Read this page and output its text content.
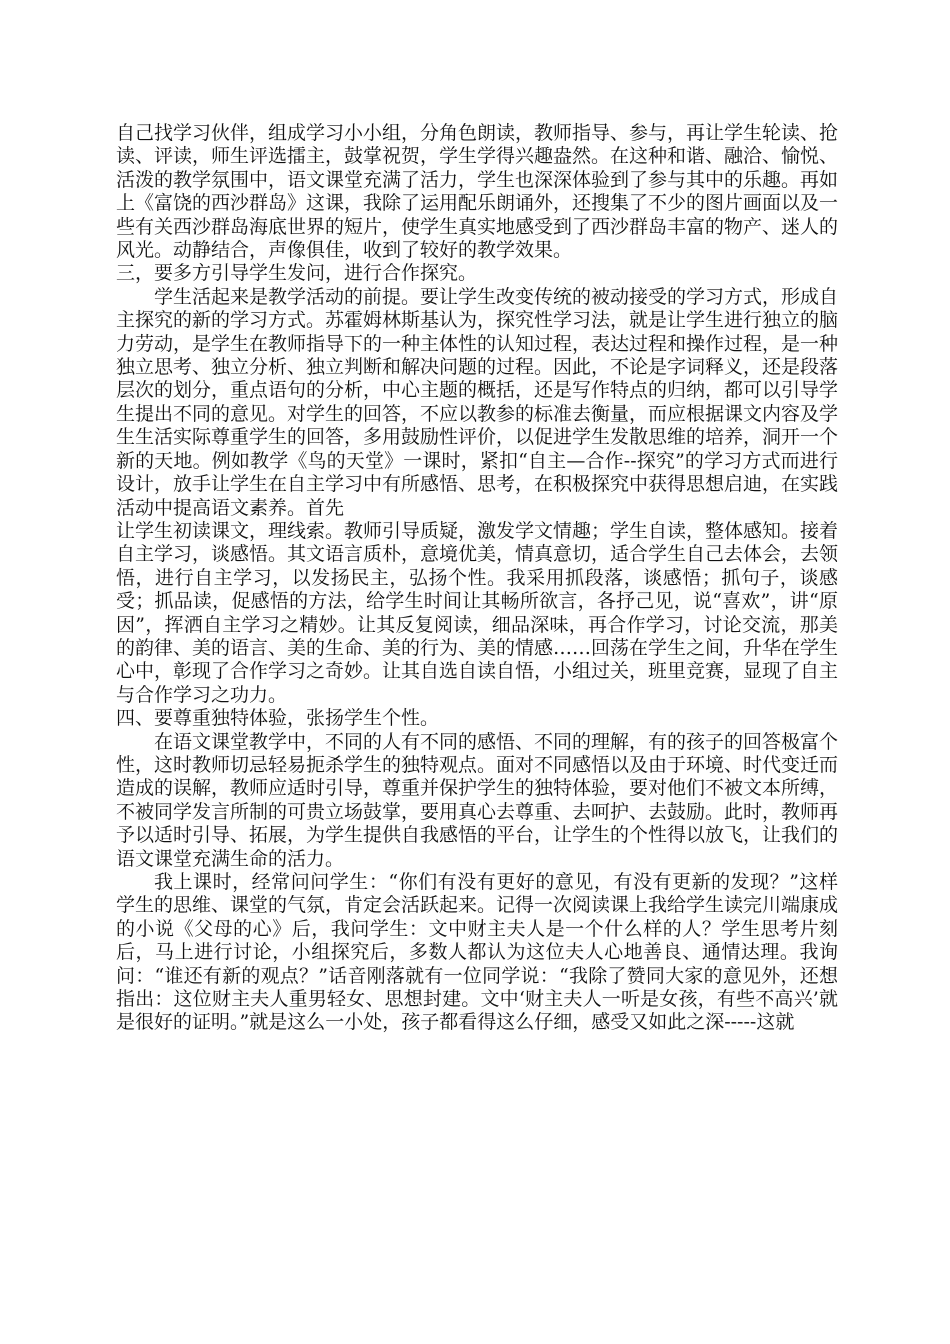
自己找学习伙伴，组成学习小小组，分角色朗读，教师指导、参与，再让学生轮读、抢读、评读，师生评选擂主，鼓掌祝贺，学生学得兴趣盎然。在这种和谐、融洽、愉悦、活泼的教学氛围中，语文课堂充满了活力，学生也深深体验到了参与其中的乐趣。再如上《富饶的西沙群岛》这课，我除了运用配乐朗诵外，还搜集了不少的图片画面以及一些有关西沙群岛海底世界的短片，使学生真实地感受到了西沙群岛丰富的物产、迷人的风光。动静结合，声像俱佳，收到了较好的教学效果。

三，要多方引导学生发问，进行合作探究。

学生活起来是教学活动的前提。要让学生改变传统的被动接受的学习方式，形成自主探究的新的学习方式。苏霍姆林斯基认为，探究性学习法，就是让学生进行独立的脑力劳动，是学生在教师指导下的一种主体性的认知过程，表达过程和操作过程，是一种独立思考、独立分析、独立判断和解决问题的过程。因此，不论是字词释义，还是段落层次的划分，重点语句的分析，中心主题的概括，还是写作特点的归纳，都可以引导学生提出不同的意见。对学生的回答，不应以教参的标准去衡量，而应根据课文内容及学生生活实际尊重学生的回答，多用鼓励性评价，以促进学生发散思维的培养，洞开一个新的天地。例如教学《鸟的天堂》一课时，紧扣“自主—合作--探究”的学习方式而进行设计，放手让学生在自主学习中有所感悟、思考，在积极探究中获得思想启迪，在实践活动中提高语文素养。首先

让学生初读课文，理线索。教师引导质疑，激发学文情趣；学生自读，整体感知。接着自主学习，谈感悟。其文语言质朴，意境优美，情真意切，适合学生自己去体会，去领悟，进行自主学习，以发扬民主，弘扬个性。我采用抓段落，谈感悟；抓句子，谈感受；抓品读，促感悟的方法，给学生时间让其畅所欲言，各抒己见，说“喜欢”，讲“原因”，挥洒自主学习之精妙。让其反复阅读，细品深味，再合作学习，讨论交流，那美的韵律、美的语言、美的生命、美的行为、美的情感……回荡在学生之间，升华在学生心中，彰现了合作学习之奇妙。让其自选自读自悟，小组过关，班里竞赛，显现了自主与合作学习之功力。

四、要尊重独特体验，张扬学生个性。

在语文课堂教学中，不同的人有不同的感悟、不同的理解，有的孩子的回答极富个性，这时教师切忌轻易扼杀学生的独特观点。面对不同感悟以及由于环境、时代变迁而造成的误解，教师应适时引导，尊重并保护学生的独特体验，要对他们不被文本所缚，不被同学发言所制的可贵立场鼓掌，要用真心去尊重、去呵护、去鼓励。此时，教师再予以适时引导、拓展，为学生提供自我感悟的平台，让学生的个性得以放飞，让我们的语文课堂充满生命的活力。

我上课时，经常问问学生：“你们有没有更好的意见，有没有更新的发现？”这样学生的思维、课堂的气氛，肯定会活跃起来。记得一次阅读课上我给学生读完川端康成的小说《父母的心》后，我问学生：文中财主夫人是一个什么样的人？学生思考片刻后，马上进行讨论，小组探究后，多数人都认为这位夫人心地善良、通情达理。我询问：“谁还有新的观点？”话音刚落就有一位同学说：“我除了赞同大家的意见外，还想指出：这位财主夫人重男轻女、思想封建。文中‘财主夫人一听是女孩，有些不高兴’就是很好的证明。”就是这么一小处，孩子都看得这么仔细，感受又如此之深-----这就
